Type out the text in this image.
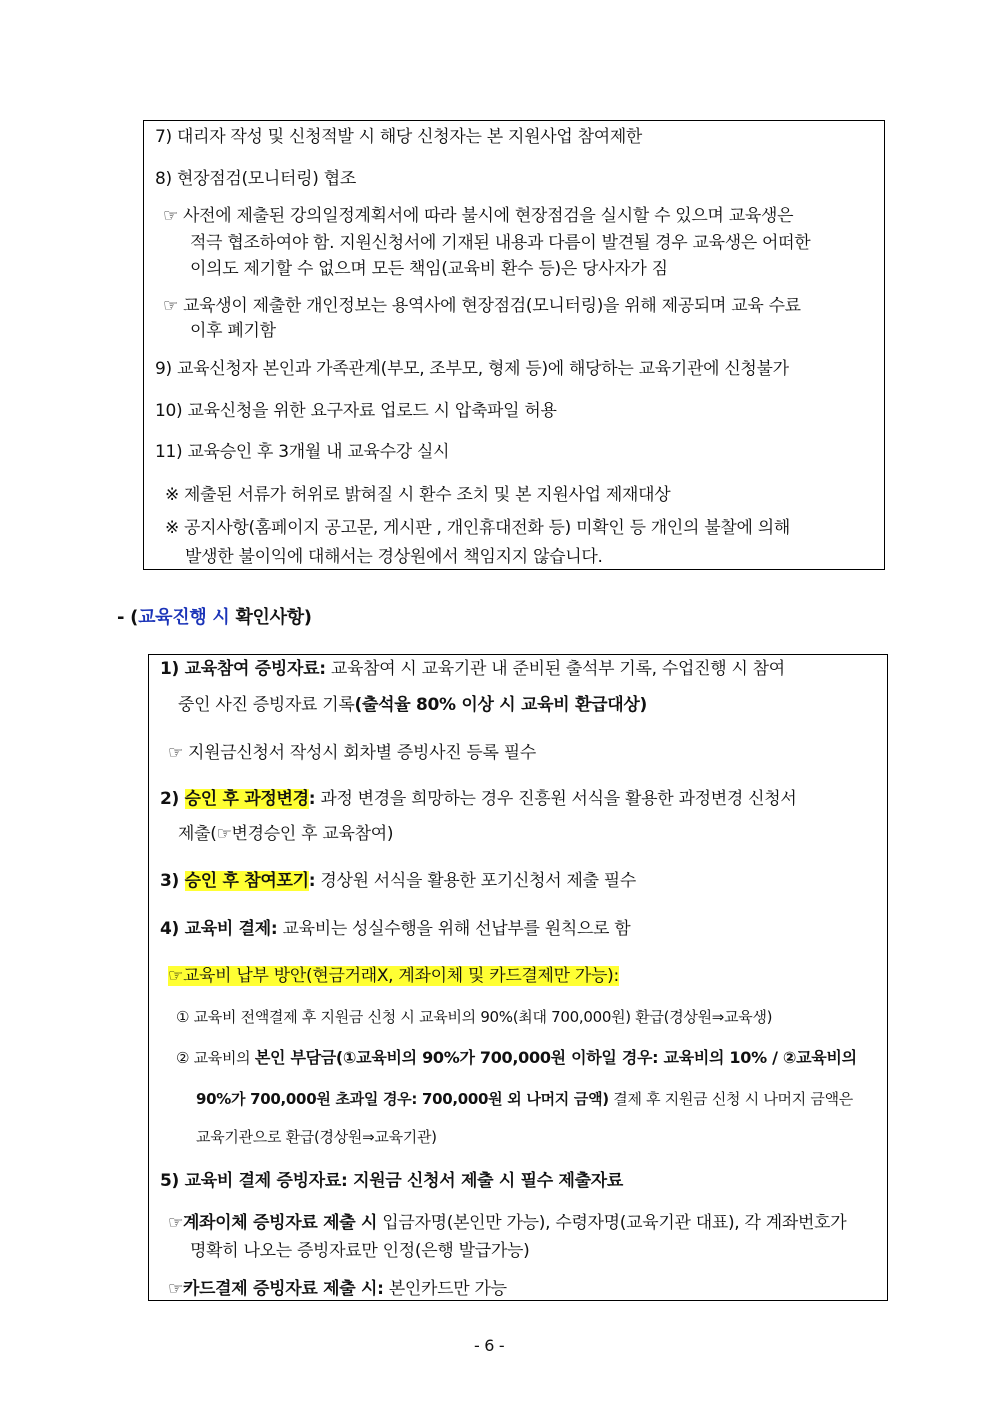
7) 대리자 작성 및 신청적발 시 해당 신청자는 본 지원사업 참여제한
8) 현장점검(모니터링) 협조
☞ 사전에 제출된 강의일정계획서에 따라 불시에 현장점검을 실시할 수 있으며 교육생은
적극 협조하여야 함. 지원신청서에 기재된 내용과 다름이 발견될 경우 교육생은 어떠한
이의도 제기할 수 없으며 모든 책임(교육비 환수 등)은 당사자가 짐
☞ 교육생이 제출한 개인정보는 용역사에 현장점검(모니터링)을 위해 제공되며 교육 수료
이후 폐기함
9) 교육신청자 본인과 가족관계(부모, 조부모, 형제 등)에 해당하는 교육기관에 신청불가
10) 교육신청을 위한 요구자료 업로드 시 압축파일 허용
11) 교육승인 후 3개월 내 교육수강 실시
※ 제출된 서류가 허위로 밝혀질 시 환수 조치 및 본 지원사업 제재대상
※ 공지사항(홈페이지 공고문, 게시판 , 개인휴대전화 등) 미확인 등 개인의 불찰에 의해
발생한 불이익에 대해서는 경상원에서 책임지지 않습니다.
- (교육진행 시 확인사항)
1) 교육참여 증빙자료: 교육참여 시 교육기관 내 준비된 출석부 기록, 수업진행 시 참여
중인 사진 증빙자료 기록(출석율 80% 이상 시 교육비 환급대상)
☞ 지원금신청서 작성시 회차별 증빙사진 등록 필수
2) 승인 후 과정변경: 과정 변경을 희망하는 경우 진흥원 서식을 활용한 과정변경 신청서
제출(☞변경승인 후 교육참여)
3) 승인 후 참여포기: 경상원 서식을 활용한 포기신청서 제출 필수
4) 교육비 결제: 교육비는 성실수행을 위해 선납부를 원칙으로 함
☞교육비 납부 방안(현금거래X, 계좌이체 및 카드결제만 가능):
① 교육비 전액결제 후 지원금 신청 시 교육비의 90%(최대 700,000원) 환급(경상원⇒교육생)
② 교육비의 본인 부담금(①교육비의 90%가 700,000원 이하일 경우: 교육비의 10% / ②교육비의
90%가 700,000원 초과일 경우: 700,000원 외 나머지 금액) 결제 후 지원금 신청 시 나머지 금액은
교육기관으로 환급(경상원⇒교육기관)
5) 교육비 결제 증빙자료: 지원금 신청서 제출 시 필수 제출자료
☞계좌이체 증빙자료 제출 시 입금자명(본인만 가능), 수령자명(교육기관 대표), 각 계좌번호가
명확히 나오는 증빙자료만 인정(은행 발급가능)
☞카드결제 증빙자료 제출 시: 본인카드만 가능
- 6 -
